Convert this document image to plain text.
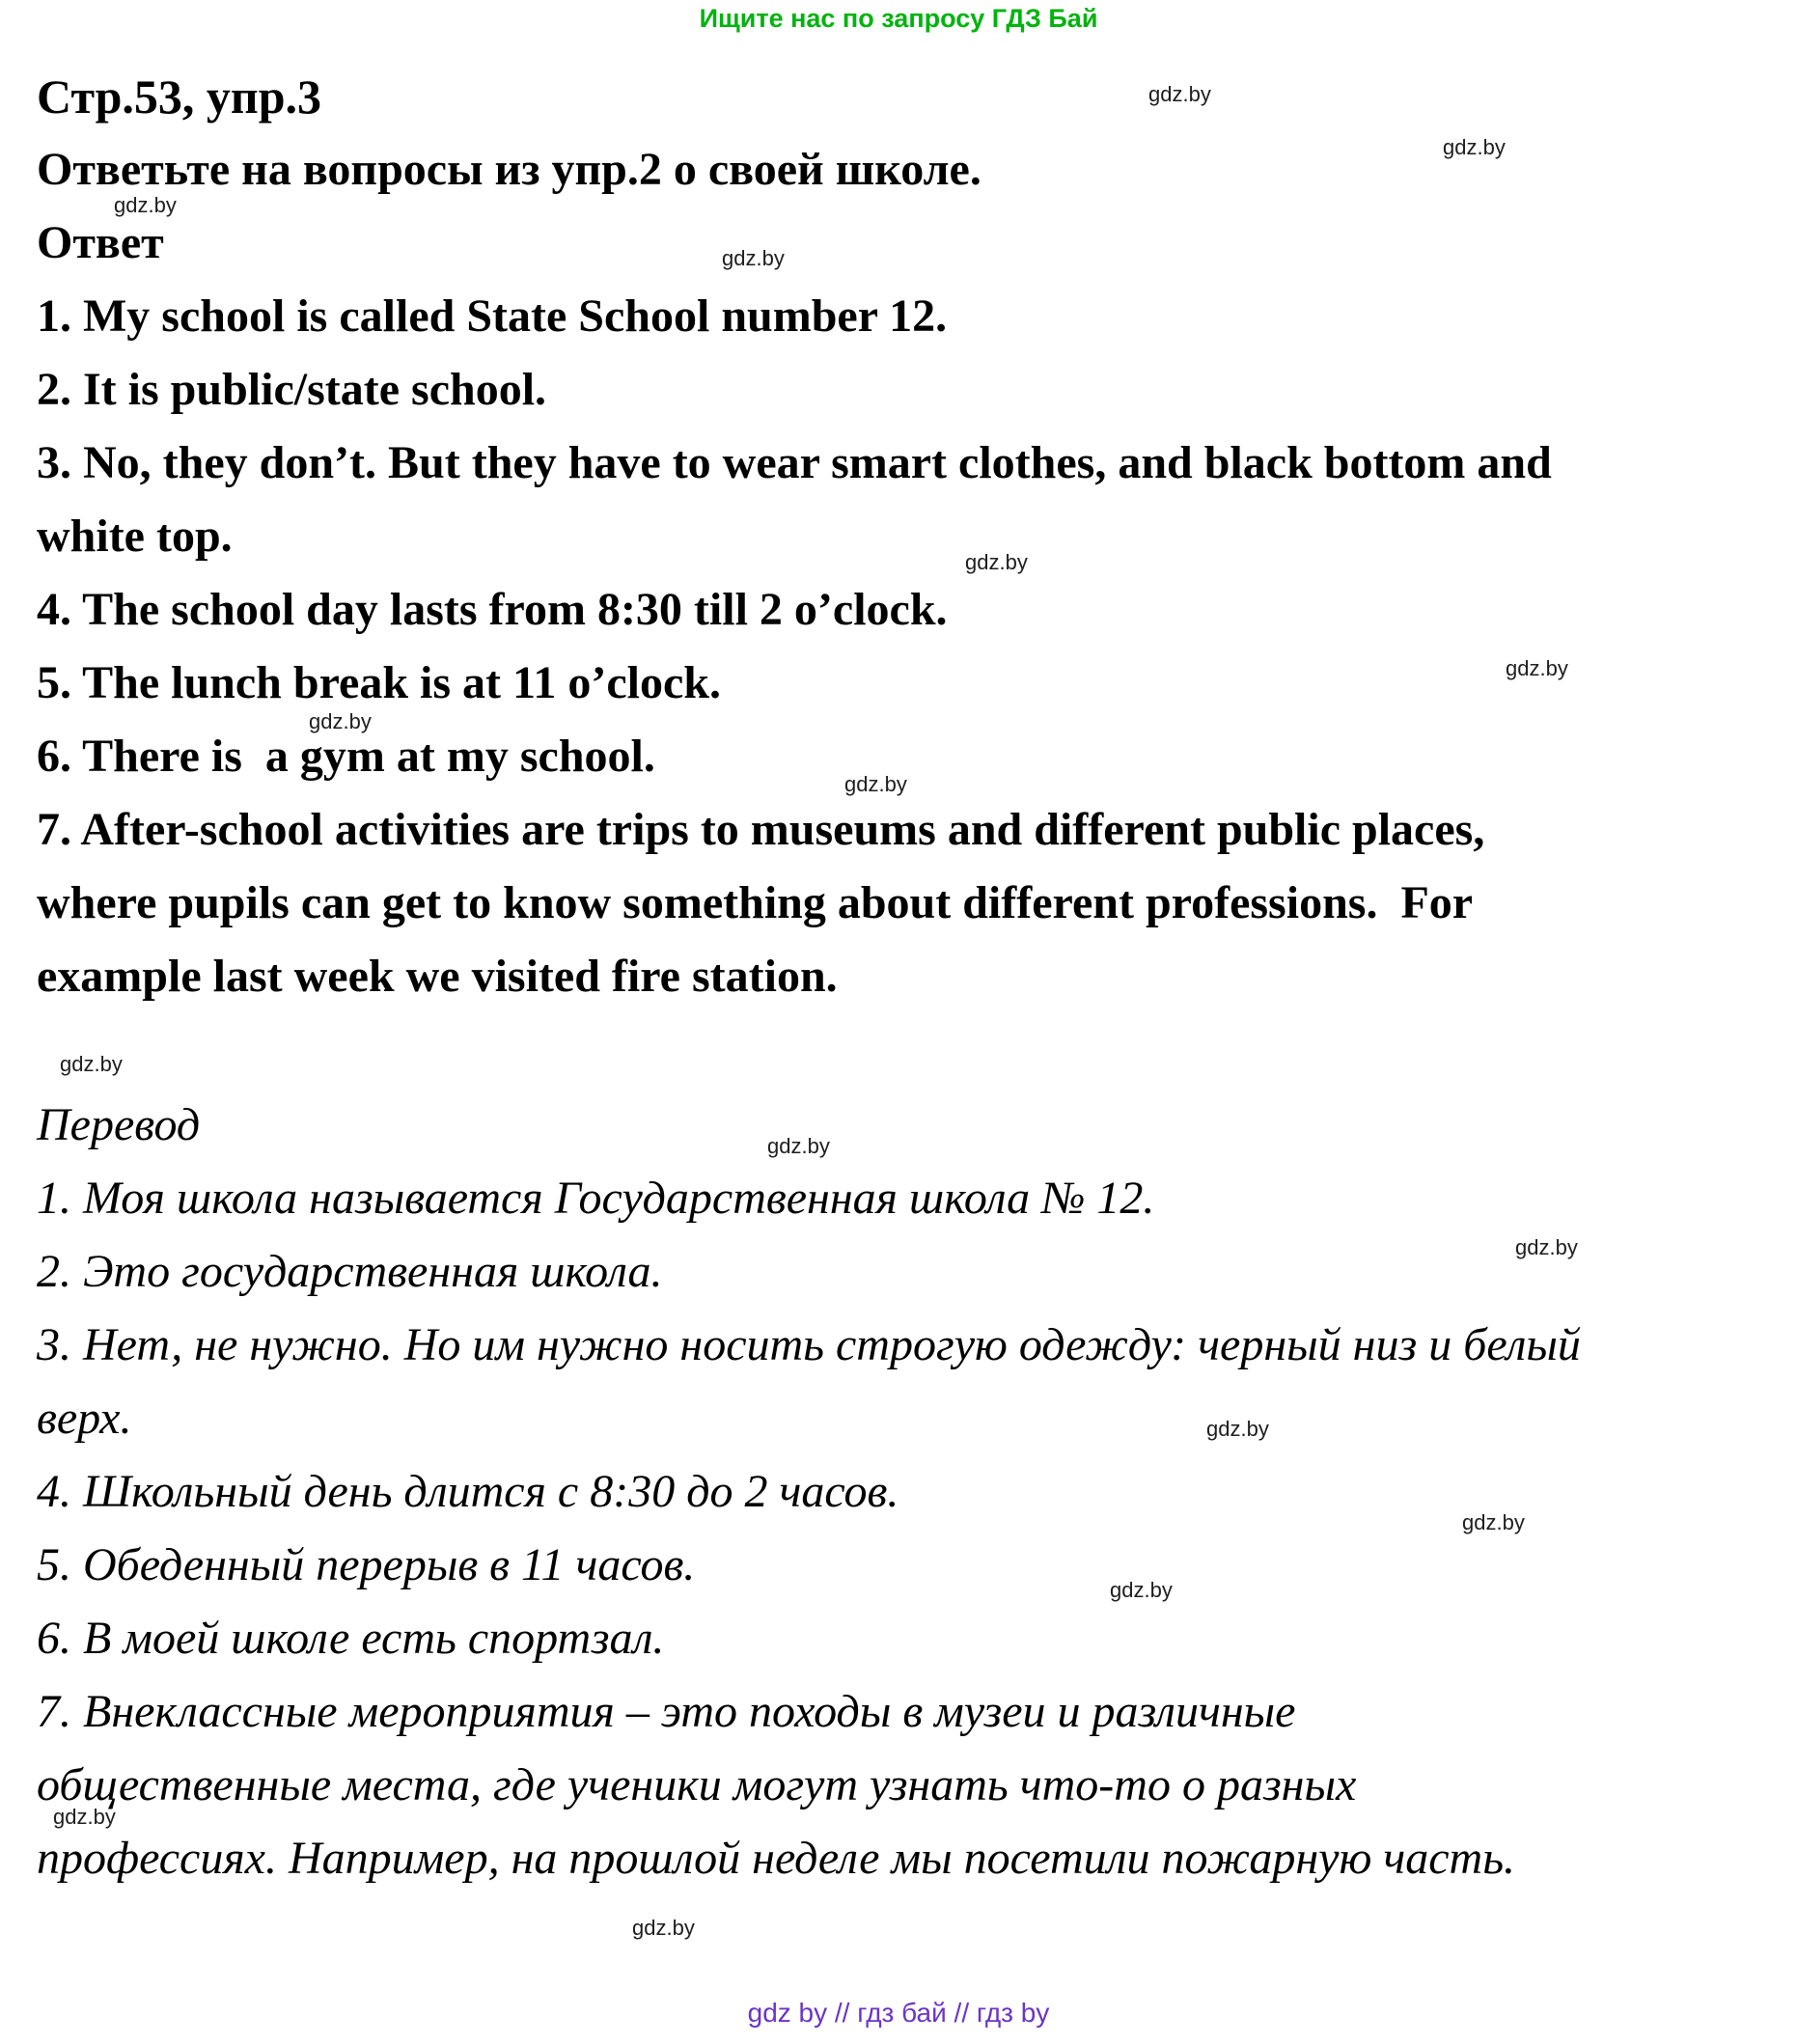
Ищите нас по запросу ГДЗ Бай
Стр.53, упр.3

Ответьте на вопросы из упр.2 о своей школе.

Ответ

1. My school is called State School number 12.

2. It is public/state school.

3. No, they don’t. But they have to wear smart clothes, and black bottom and white top.

4. The school day lasts from 8:30 till 2 o’clock.

5. The lunch break is at 11 o’clock.

6. There is  a gym at my school.

7. After-school activities are trips to museums and different public places, where pupils can get to know something about different professions.  For example last week we visited fire station.

Перевод

1. Моя школа называется Государственная школа № 12.

2. Это государственная школа.

3. Нет, не нужно. Но им нужно носить строгую одежду: черный низ и белый верх.

4. Школьный день длится с 8:30 до 2 часов.

5. Обеденный перерыв в 11 часов.

6. В моей школе есть спортзал.

7. Внеклассные мероприятия – это походы в музеи и различные общественные места, где ученики могут узнать что-то о разных профессиях. Например, на прошлой неделе мы посетили пожарную часть.

gdz.by
gdz.by
gdz.by
gdz.by
gdz.by
gdz.by
gdz.by
gdz.by
gdz.by
gdz.by
gdz.by
gdz.by
gdz.by
gdz.by
gdz.by
gdz.by
gdz by // гдз бай // гдз by
